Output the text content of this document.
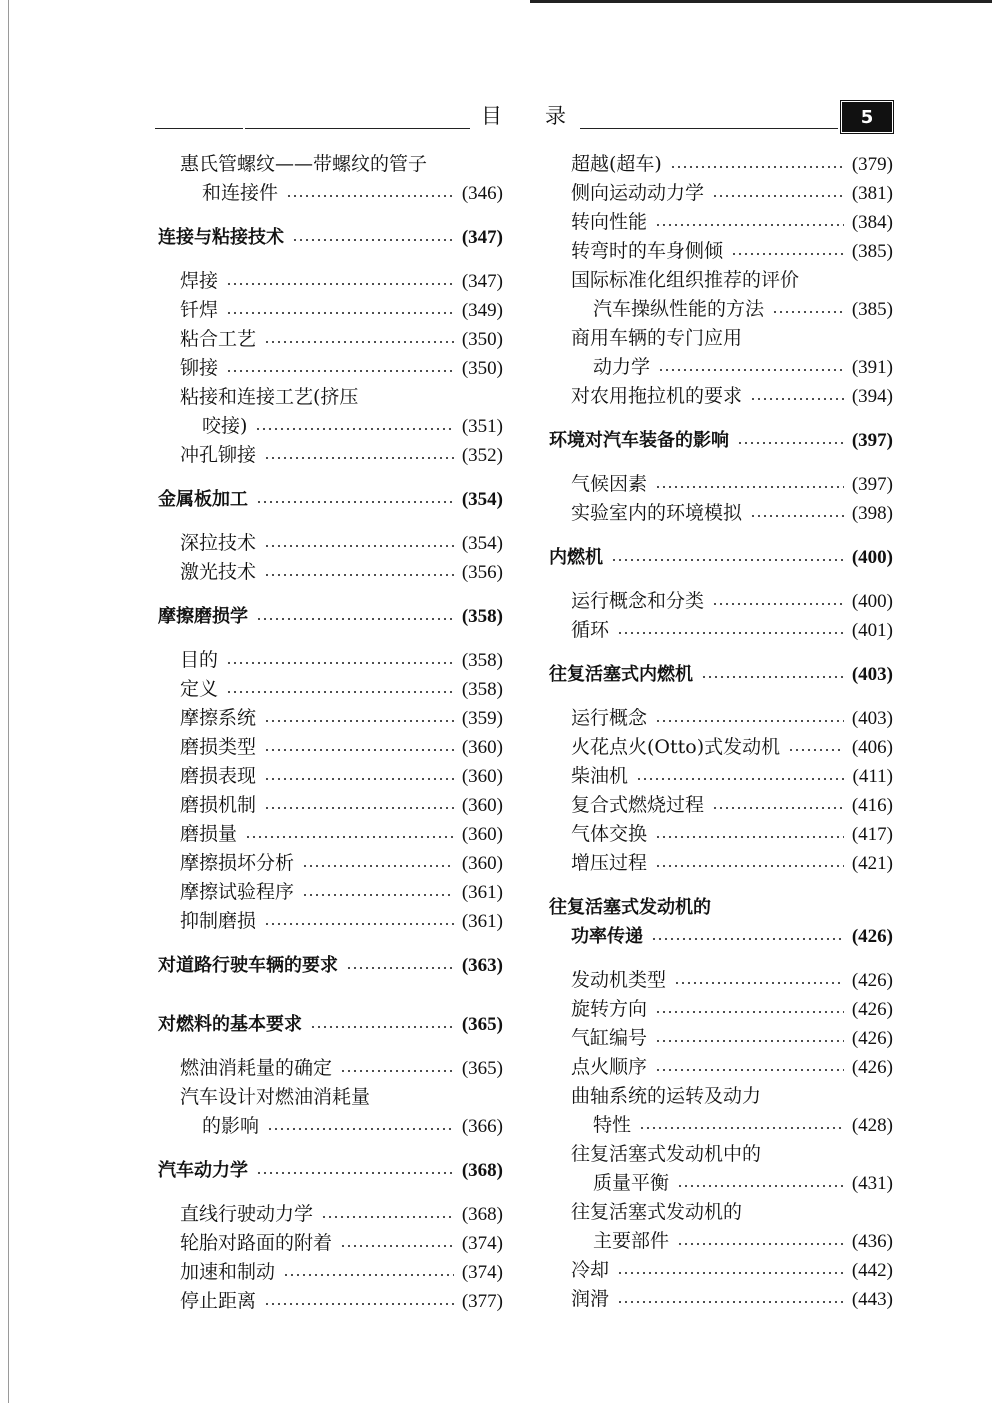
目 录	5
惠氏管螺纹——带螺纹的管子
和连接件	(346)
连接与粘接技术	(347)
焊接	(347)
钎焊	(349)
粘合工艺	(350)
铆接	(350)
粘接和连接工艺(挤压
咬接)	(351)
冲孔铆接	(352)
金属板加工	(354)
深拉技术	(354)
激光技术	(356)
摩擦磨损学	(358)
目的	(358)
定义	(358)
摩擦系统	(359)
磨损类型	(360)
磨损表现	(360)
磨损机制	(360)
磨损量	(360)
摩擦损坏分析	(360)
摩擦试验程序	(361)
抑制磨损	(361)
对道路行驶车辆的要求	(363)
对燃料的基本要求	(365)
燃油消耗量的确定	(365)
汽车设计对燃油消耗量
的影响	(366)
汽车动力学	(368)
直线行驶动力学	(368)
轮胎对路面的附着	(374)
加速和制动	(374)
停止距离	(377)
超越(超车)	(379)
侧向运动动力学	(381)
转向性能	(384)
转弯时的车身侧倾	(385)
国际标准化组织推荐的评价
汽车操纵性能的方法	(385)
商用车辆的专门应用
动力学	(391)
对农用拖拉机的要求	(394)
环境对汽车装备的影响	(397)
气候因素	(397)
实验室内的环境模拟	(398)
内燃机	(400)
运行概念和分类	(400)
循环	(401)
往复活塞式内燃机	(403)
运行概念	(403)
火花点火(Otto)式发动机	(406)
柴油机	(411)
复合式燃烧过程	(416)
气体交换	(417)
增压过程	(421)
往复活塞式发动机的
功率传递	(426)
发动机类型	(426)
旋转方向	(426)
气缸编号	(426)
点火顺序	(426)
曲轴系统的运转及动力
特性	(428)
往复活塞式发动机中的
质量平衡	(431)
往复活塞式发动机的
主要部件	(436)
冷却	(442)
润滑	(443)
